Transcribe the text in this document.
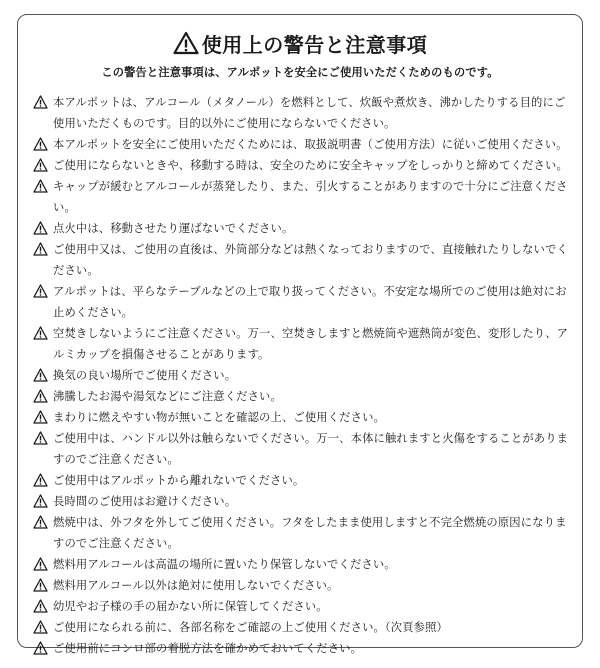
使用上の警告と注意事項
この警告と注意事項は、アルポットを安全にご使用いただくためのものです。
本アルポットは、アルコール（メタノール）を燃料として、炊飯や煮炊き、沸かしたりする目的にご使用いただくものです。目的以外にご使用にならないでください。
本アルポットを安全にご使用いただくためには、取扱説明書（ご使用方法）に従いご使用ください。
ご使用にならないときや、移動する時は、安全のために安全キャップをしっかりと締めてください。
キャップが緩むとアルコールが蒸発したり、また、引火することがありますので十分にご注意ください。
点火中は、移動させたり運ばないでください。
ご使用中又は、ご使用の直後は、外筒部分などは熱くなっておりますので、直接触れたりしないでください。
アルポットは、平らなテーブルなどの上で取り扱ってください。不安定な場所でのご使用は絶対にお止めください。
空焚きしないようにご注意ください。万一、空焚きしますと燃焼筒や遮熱筒が変色、変形したり、アルミカップを損傷させることがあります。
換気の良い場所でご使用ください。
沸騰したお湯や湯気などにご注意ください。
まわりに燃えやすい物が無いことを確認の上、ご使用ください。
ご使用中は、ハンドル以外は触らないでください。万一、本体に触れますと火傷をすることがありますのでご注意ください。
ご使用中はアルポットから離れないでください。
長時間のご使用はお避けください。
燃焼中は、外フタを外してご使用ください。フタをしたまま使用しますと不完全燃焼の原因になりますのでご注意ください。
燃料用アルコールは高温の場所に置いたり保管しないでください。
燃料用アルコール以外は絶対に使用しないでください。
幼児やお子様の手の届かない所に保管してください。
ご使用になられる前に、各部名称をご確認の上ご使用ください。（次頁参照）
ご使用前にコンロ部の着脱方法を確かめておいてください。
